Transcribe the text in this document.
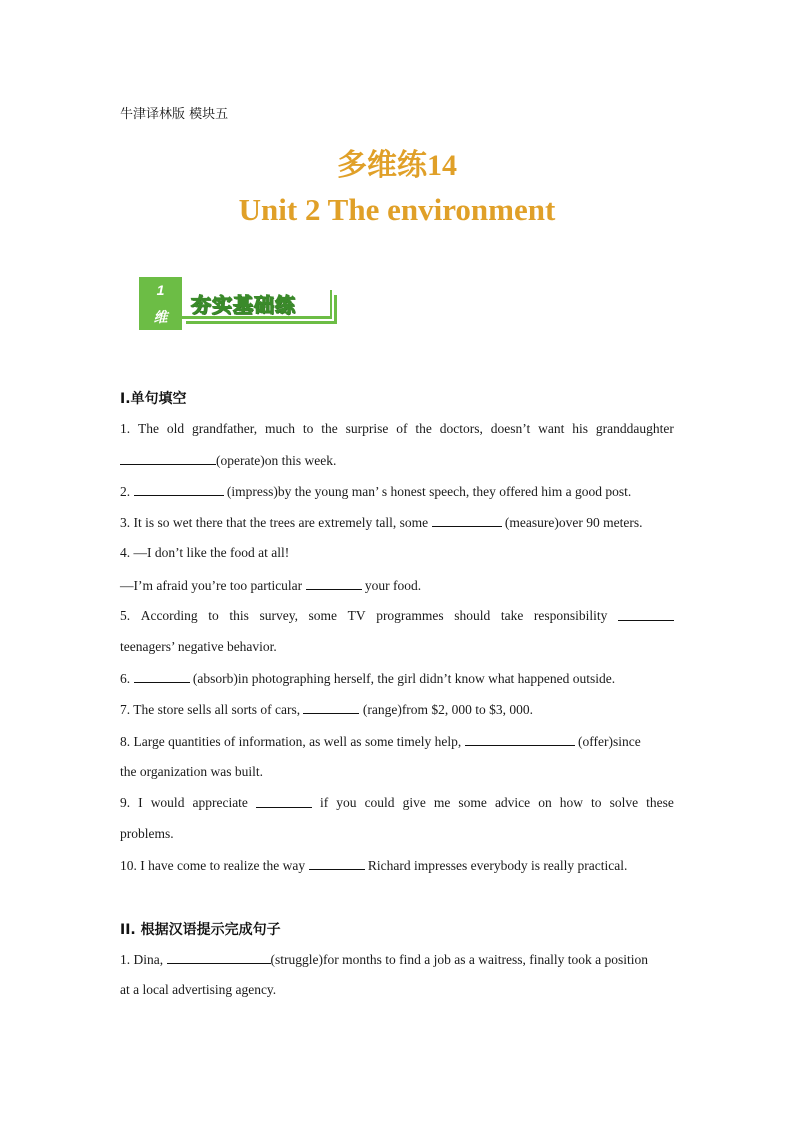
牛津译林版 模块五
多维练14
Unit 2 The environment
1
维
夯实基础练
I.单句填空
1. The old grandfather, much to the surprise of the doctors, doesn’t want his granddaughter
(operate)on this week.
2.	(impress)by the young man’ s honest speech, they offered him a good post.
3. It is so wet there that the trees are extremely tall, some	(measure)over 90 meters.
4. —I don’t like the food at all!
—I’m afraid you’re too particular	your food.
5. According to this survey, some TV programmes should take responsibility
teenagers’ negative behavior.
6.	(absorb)in photographing herself, the girl didn’t know what happened outside.
7. The store sells all sorts of cars,	(range)from $2, 000 to $3, 000.
8. Large quantities of information, as well as some timely help,	(offer)since
the organization was built.
9. I would appreciate	if you could give me some advice on how to solve these
problems.
10. I have come to realize the way	Richard impresses everybody is really practical.
II. 根据汉语提示完成句子
1. Dina,	(struggle)for months to find a job as a waitress, finally took a position
at a local advertising agency.
